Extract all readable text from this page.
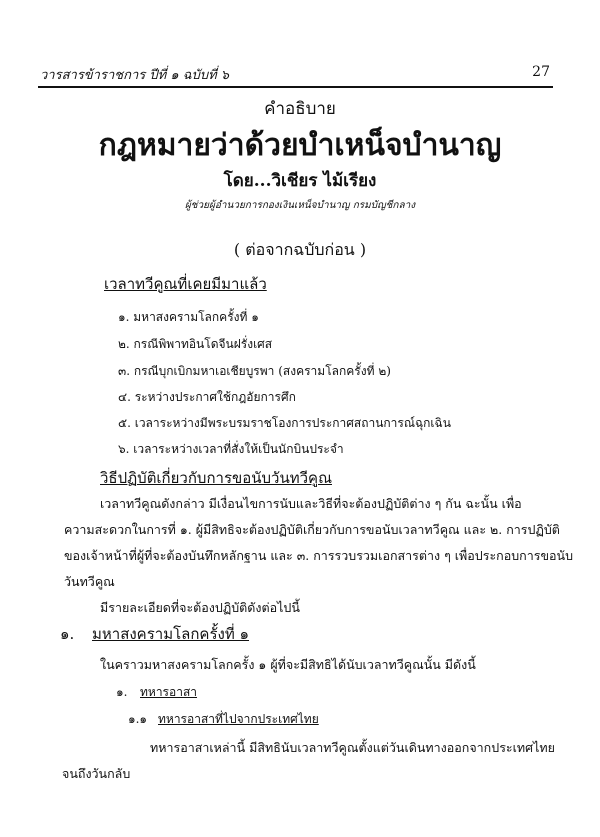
วารสารข้าราชการ ปีที่ ๑ ฉบับที่ ๖	27
คำอธิบาย
กฎหมายว่าด้วยบำเหน็จบำนาญ
โดย...วิเชียร ไม้เรียง
ผู้ช่วยผู้อำนวยการกองเงินเหน็จบำนาญ กรมบัญชีกลาง
( ต่อจากฉบับก่อน )
เวลาทวีคูณที่เคยมีมาแล้ว
๑. มหาสงครามโลกครั้งที่ ๑
๒. กรณีพิพาทอินโดจีนฝรั่งเศส
๓. กรณีบุกเบิกมหาเอเชียบูรพา (สงครามโลกครั้งที่ ๒)
๔. ระหว่างประกาศใช้กฎอัยการศึก
๕. เวลาระหว่างมีพระบรมราชโองการประกาศสถานการณ์ฉุกเฉิน
๖. เวลาระหว่างเวลาที่สั่งให้เป็นนักบินประจำ
วิธีปฏิบัติเกี่ยวกับการขอนับวันทวีคูณ
เวลาทวีคูณดังกล่าว มีเงื่อนไขการนับและวิธีที่จะต้องปฏิบัติต่าง ๆ กัน ฉะนั้น เพื่อ
ความสะดวกในการที่ ๑. ผู้มีสิทธิจะต้องปฏิบัติเกี่ยวกับการขอนับเวลาทวีคูณ และ ๒. การปฏิบัติ
ของเจ้าหน้าที่ผู้ที่จะต้องบันทึกหลักฐาน และ ๓. การรวบรวมเอกสารต่าง ๆ เพื่อประกอบการขอนับ
วันทวีคูณ
มีรายละเอียดที่จะต้องปฏิบัติดังต่อไปนี้
๑. มหาสงครามโลกครั้งที่ ๑
ในคราวมหาสงครามโลกครั้ง ๑ ผู้ที่จะมีสิทธิได้นับเวลาทวีคูณนั้น มีดังนี้
๑. ทหารอาสา
๑.๑ ทหารอาสาที่ไปจากประเทศไทย
ทหารอาสาเหล่านี้ มีสิทธินับเวลาทวีคูณตั้งแต่วันเดินทางออกจากประเทศไทย
จนถึงวันกลับ
